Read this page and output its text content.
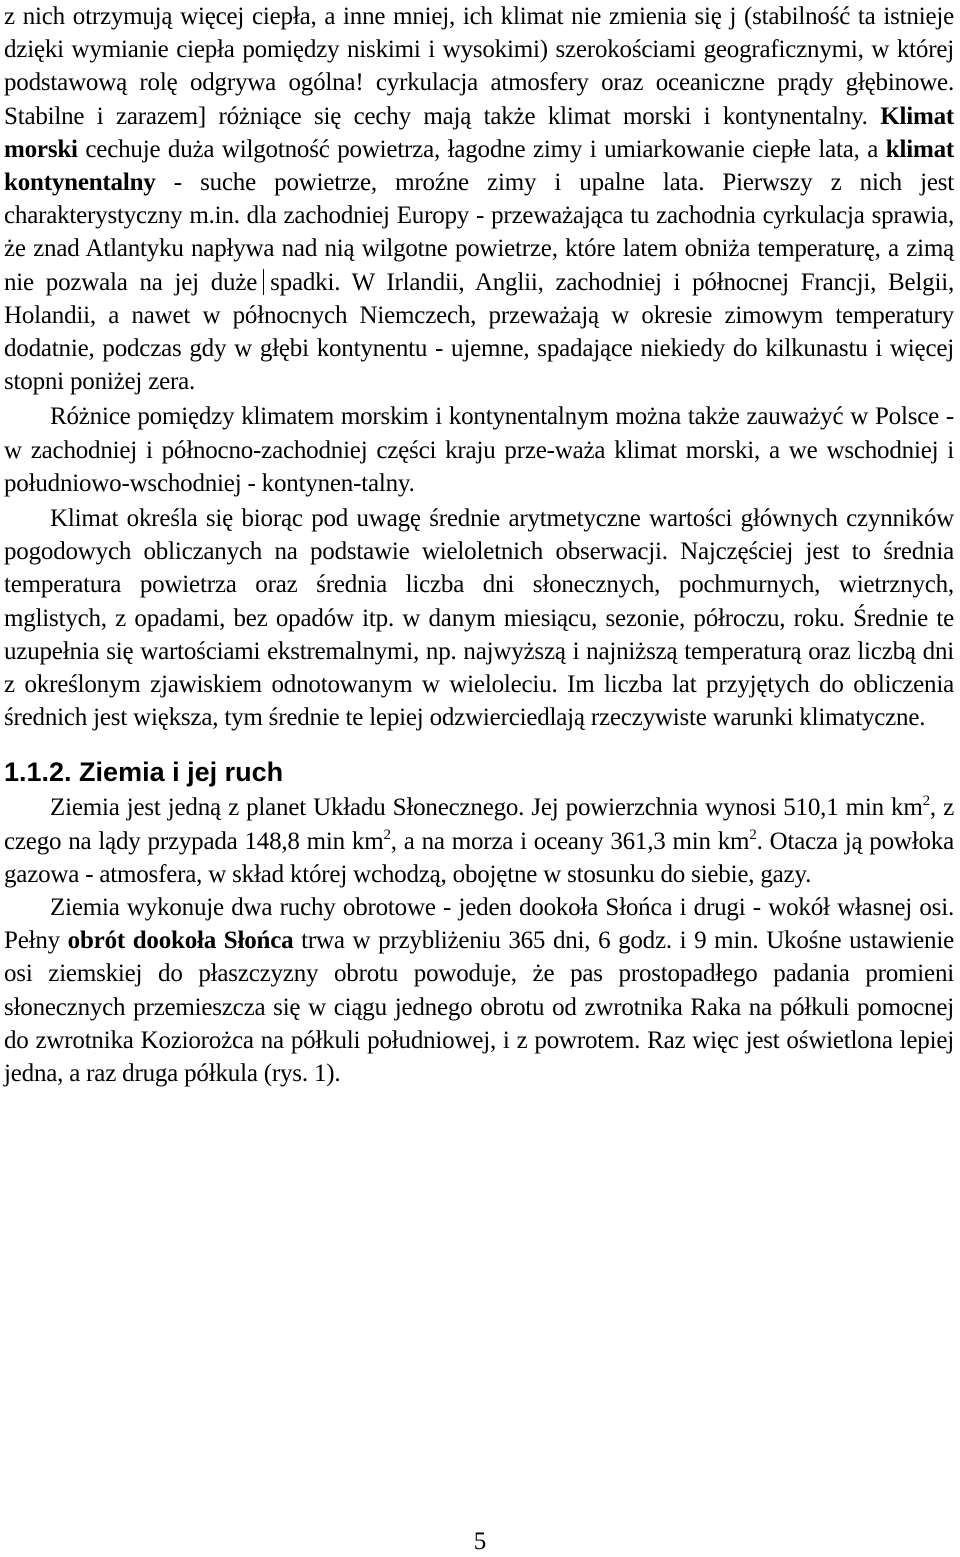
z nich otrzymują więcej ciepła, a inne mniej, ich klimat nie zmienia się j (stabilność ta istnieje dzięki wymianie ciepła pomiędzy niskimi i wysokimi) szerokościami geograficznymi, w której podstawową rolę odgrywa ogólna! cyrkulacja atmosfery oraz oceaniczne prądy głębinowe. Stabilne i zarazem] różniące się cechy mają także klimat morski i kontynentalny. Klimat morski cechuje duża wilgotność powietrza, łagodne zimy i umiarkowanie ciepłe lata, a klimat kontynentalny - suche powietrze, mroźne zimy i upalne lata. Pierwszy z nich jest charakterystyczny m.in. dla zachodniej Europy - przeważająca tu zachodnia cyrkulacja sprawia, że znad Atlantyku napływa nad nią wilgotne powietrze, które latem obniża temperaturę, a zimą nie pozwala na jej duże spadki. W Irlandii, Anglii, zachodniej i północnej Francji, Belgii, Holandii, a nawet w północnych Niemczech, przeważają w okresie zimowym temperatury dodatnie, podczas gdy w głębi kontynentu - ujemne, spadające niekiedy do kilkunastu i więcej stopni poniżej zera.

Różnice pomiędzy klimatem morskim i kontynentalnym można także zauważyć w Polsce - w zachodniej i północno-zachodniej części kraju prze-waża klimat morski, a we wschodniej i południowo-wschodniej - kontynen-talny.

Klimat określa się biorąc pod uwagę średnie arytmetyczne wartości głównych czynników pogodowych obliczanych na podstawie wieloletnich obserwacji. Najczęściej jest to średnia temperatura powietrza oraz średnia liczba dni słonecznych, pochmurnych, wietrznych, mglistych, z opadami, bez opadów itp. w danym miesiącu, sezonie, półroczu, roku. Średnie te uzupełnia się wartościami ekstremalnymi, np. najwyższą i najniższą temperaturą oraz liczbą dni z określonym zjawiskiem odnotowanym w wieloleciu. Im liczba lat przyjętych do obliczenia średnich jest większa, tym średnie te lepiej odzwierciedlają rzeczywiste warunki klimatyczne.

1.1.2. Ziemia i jej ruch

Ziemia jest jedną z planet Układu Słonecznego. Jej powierzchnia wynosi 510,1 $\min km^2$, z czego na lądy przypada 148,8 $\min km^2$, a na morza i oceany 361,3 $\min km^2$. Otacza ją powłoka gazowa - atmosfera, w skład której wchodzą, obojętne w stosunku do siebie, gazy.

Ziemia wykonuje dwa ruchy obrotowe - jeden dookoła Słońca i drugi - wokół własnej osi. Pełny obrót dookoła Słońca trwa w przybliżeniu 365 dni, 6 godz. i 9 min. Ukośne ustawienie osi ziemskiej do płaszczyzny obrotu powoduje, że pas prostopadłego padania promieni słonecznych przemieszcza się w ciągu jednego obrotu od zwrotnika Raka na półkuli pomocnej do zwrotnika Koziorożca na półkuli południowej, i z powrotem. Raz więc jest oświetlona lepiej jedna, a raz druga półkula (rys. 1).

5
